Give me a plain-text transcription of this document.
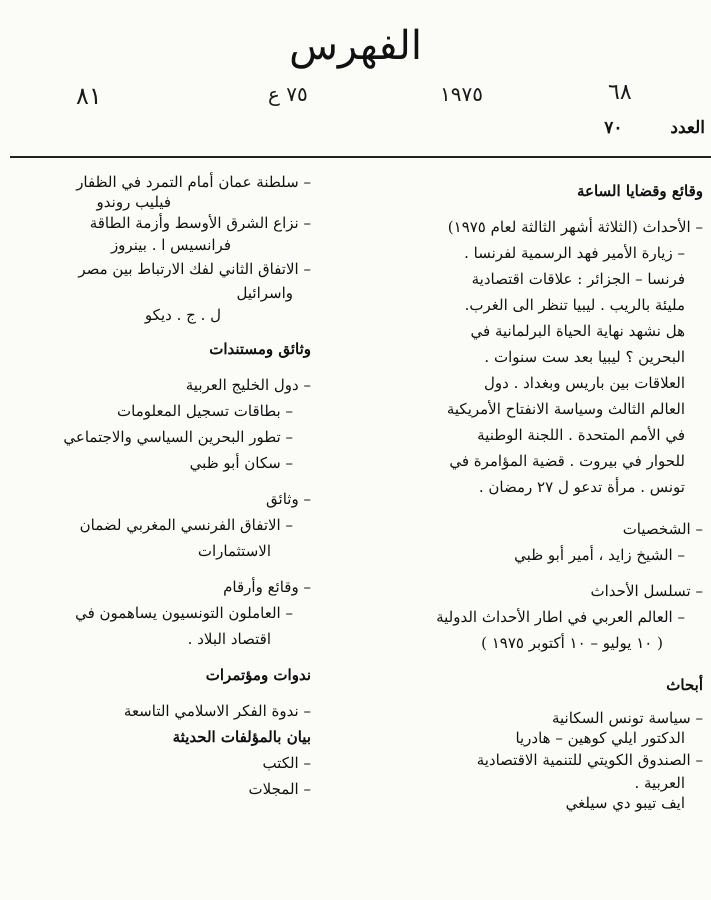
الفهرس
٨١	٧٥ ع	١٩٧٥	٦٨
العدد ٧٠
وقائع وقضايا الساعة
– الأحداث (الثلاثة أشهر الثالثة لعام ١٩٧٥)
– زيارة الأمير فهد الرسمية لفرنسا .
فرنسا – الجزائر : علاقات اقتصادية
مليئة بالريب . ليبيا تنظر الى الغرب.
هل نشهد نهاية الحياة البرلمانية في
البحرين ؟ ليبيا بعد ست سنوات .
العلاقات بين باريس وبغداد . دول
العالم الثالث وسياسة الانفتاح الأمريكية
في الأمم المتحدة . اللجنة الوطنية
للحوار في بيروت . قضية المؤامرة في
تونس . مرأة تدعو ل ٢٧ رمضان .
– الشخصيات
– الشيخ زايد ، أمير أبو ظبي
– تسلسل الأحداث
– العالم العربي في اطار الأحداث الدولية
( ١٠ يوليو – ١٠ أكتوبر ١٩٧٥ )
أبحاث
– سياسة تونس السكانية
الدكتور ايلي كوهين – هادريا
– الصندوق الكويتي للتنمية الاقتصادية
العربية .
ايف تيبو دي سيلغي
– سلطنة عمان أمام التمرد في الظفار
فيليب روندو
– نزاع الشرق الأوسط وأزمة الطاقة
فرانسيس ا . بينروز
– الاتفاق الثاني لفك الارتباط بين مصر
واسرائيل
ل . ج . ديكو
وثائق ومستندات
– دول الخليج العربية
– بطاقات تسجيل المعلومات
– تطور البحرين السياسي والاجتماعي
– سكان أبو ظبي
– وثائق
– الاتفاق الفرنسي المغربي لضمان
الاستثمارات
– وقائع وأرقام
– العاملون التونسيون يساهمون في
اقتصاد البلاد .
ندوات ومؤتمرات
– ندوة الفكر الاسلامي التاسعة
بيان بالمؤلفات الحديثة
– الكتب
– المجلات
